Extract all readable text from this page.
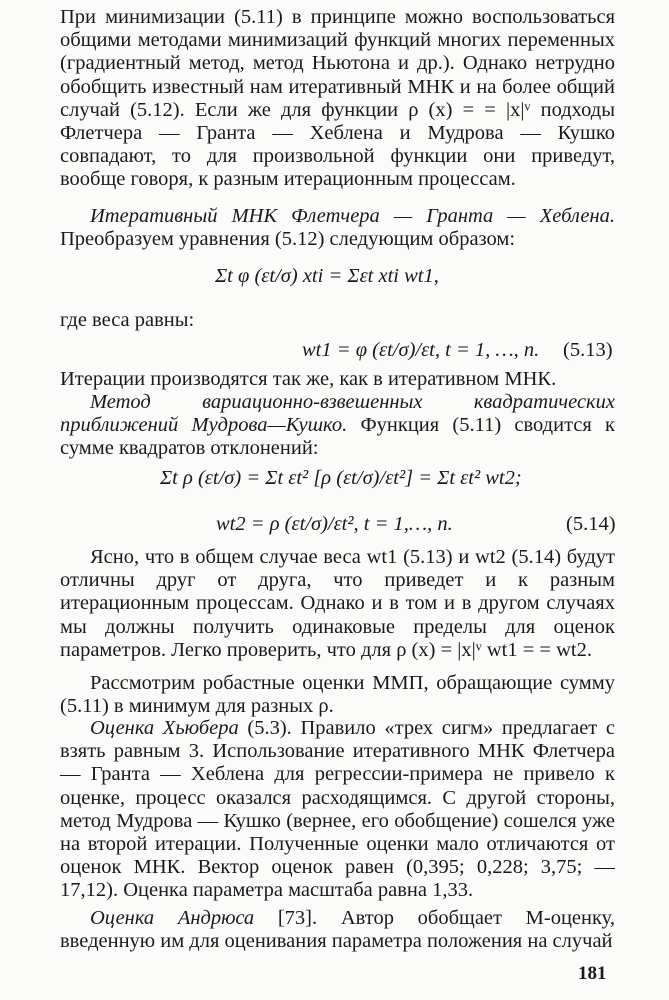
При минимизации (5.11) в принципе можно воспользоваться общими методами минимизаций функций многих переменных (градиентный метод, метод Ньютона и др.). Однако нетрудно обобщить известный нам итеративный МНК и на более общий случай (5.12). Если же для функции ρ (x) = = |x|ᵛ подходы Флетчера — Гранта — Хеблена и Мудрова — Кушко совпадают, то для произвольной функции они приведут, вообще говоря, к разным итерационным процессам.

Итеративный МНК Флетчера — Гранта — Хеблена. Преобразуем уравнения (5.12) следующим образом:

Σt φ (εt/σ) xti = Σεt xti wt1,

где веса равны:

wt1 = φ (εt/σ)/εt, t = 1, …, n. (5.13)

Итерации производятся так же, как в итеративном МНК.

Метод вариационно-взвешенных квадратических приближений Мудрова—Кушко. Функция (5.11) сводится к сумме квадратов отклонений:

Σt ρ (εt/σ) = Σt εt² [ρ (εt/σ)/εt²] = Σt εt² wt2;
wt2 = ρ (εt/σ)/εt², t = 1,…, n.	(5.14)

Ясно, что в общем случае веса wt1 (5.13) и wt2 (5.14) будут отличны друг от друга, что приведет и к разным итерационным процессам. Однако и в том и в другом случаях мы должны получить одинаковые пределы для оценок параметров. Легко проверить, что для ρ (x) = |x|ᵛ wt1 = = wt2.

Рассмотрим робастные оценки ММП, обращающие сумму (5.11) в минимум для разных ρ.

Оценка Хьюбера (5.3). Правило «трех сигм» предлагает c взять равным 3. Использование итеративного МНК Флетчера — Гранта — Хеблена для регрессии-примера не привело к оценке, процесс оказался расходящимся. С другой стороны, метод Мудрова — Кушко (вернее, его обобщение) сошелся уже на второй итерации. Полученные оценки мало отличаются от оценок МНК. Вектор оценок равен (0,395; 0,228; 3,75; — 17,12). Оценка параметра масштаба равна 1,33.

Оценка Андрюса [73]. Автор обобщает М-оценку, введенную им для оценивания параметра положения на случай

181
